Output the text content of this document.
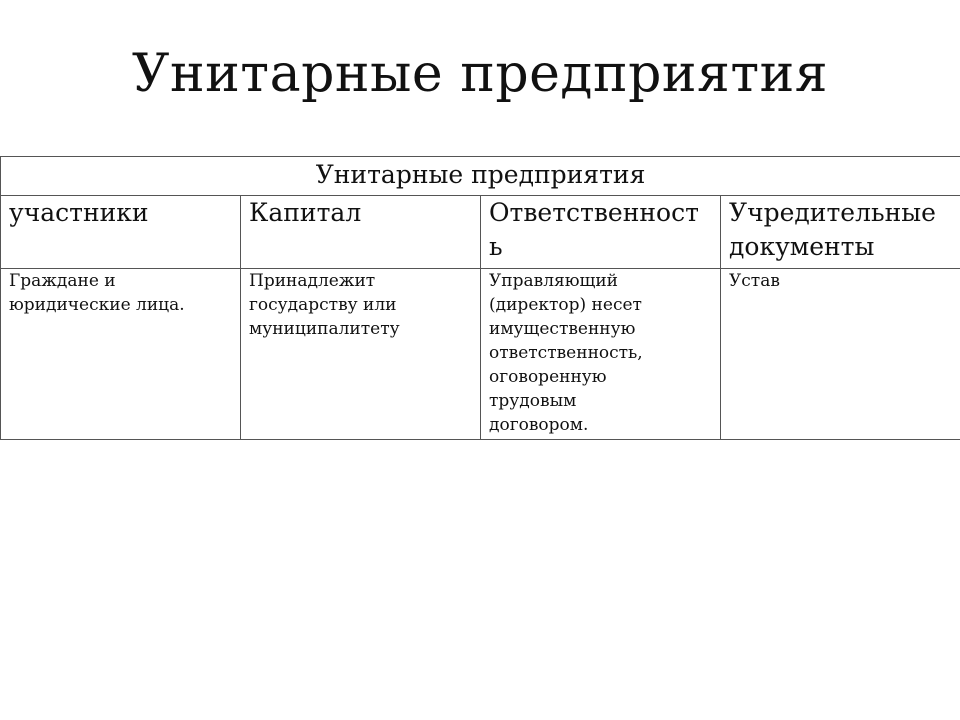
Унитарные предприятия
Унитарные предприятия			

участники	Капитал	Ответственность	Учредительные документы

Граждане и юридические лица.	Принадлежит государству или муниципалитету	Управляющий (директор) несет имущественную ответственность, оговоренную трудовым договором.	Устав
